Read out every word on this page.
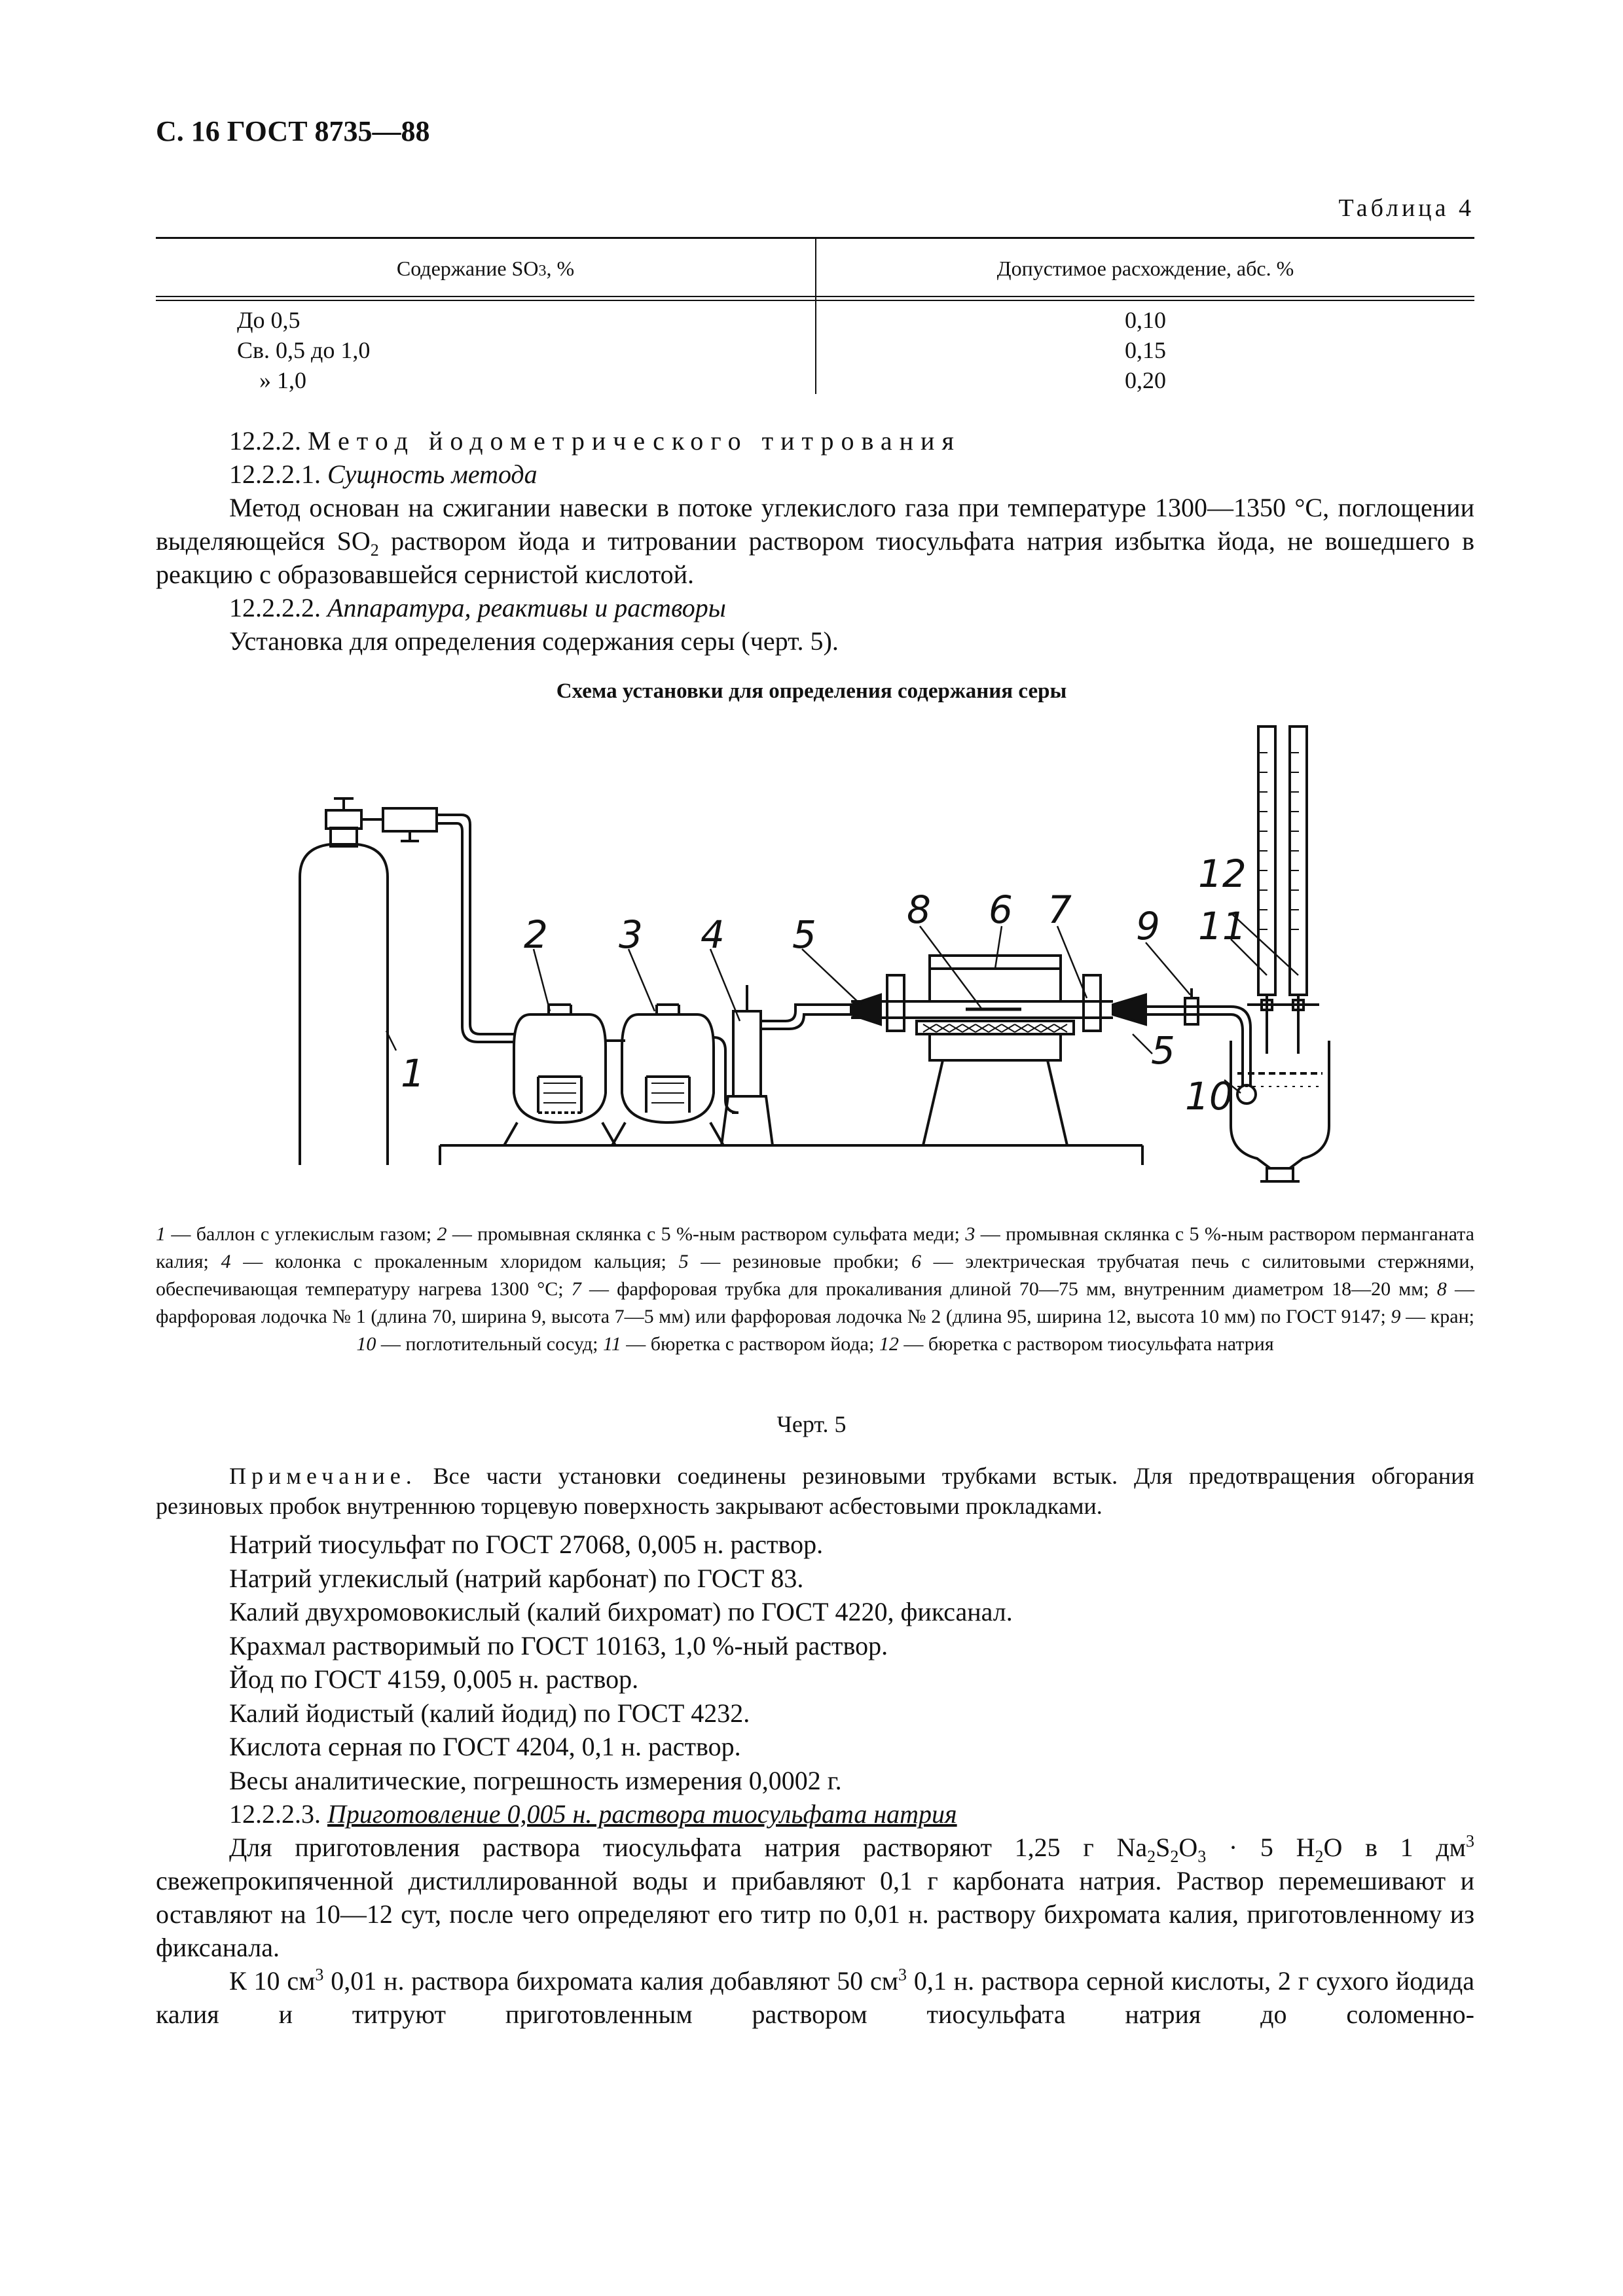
С. 16 ГОСТ 8735—88
Таблица 4
Содержание SO3, %	Допустимое расхождение, абс. %
До 0,5
Св. 0,5 до 1,0
» 1,0
0,10
0,15
0,20
12.2.2. Метод йодометрического титрования
12.2.2.1. Сущность метода
Метод основан на сжигании навески в потоке углекислого газа при температуре 1300—1350 °С, поглощении выделяющейся $SO_2$ раствором йода и титровании раствором тиосульфата натрия избытка йода, не вошедшего в реакцию с образовавшейся сернистой кислотой.
12.2.2.2. Аппаратура, реактивы и растворы
Установка для определения содержания серы (черт. 5).
Схема установки для определения содержания серы
1
2 3 4 5
6 7
8	9
10
11
12
5
1 — баллон с углекислым газом; 2 — промывная склянка с 5 %-ным раствором сульфата меди; 3 — промывная склянка с 5 %-ным раствором перманганата калия; 4 — колонка с прокаленным хлоридом кальция; 5 — резиновые пробки; 6 — электрическая трубчатая печь с силитовыми стержнями, обеспечивающая температуру нагрева 1300 °С; 7 — фарфоровая трубка для прокаливания длиной 70—75 мм, внутренним диаметром 18—20 мм; 8 — фарфоровая лодочка № 1 (длина 70, ширина 9, высота 7—5 мм) или фарфоровая лодочка № 2 (длина 95, ширина 12, высота 10 мм) по ГОСТ 9147; 9 — кран; 10 — поглотительный сосуд; 11 — бюретка с раствором йода; 12 — бюретка с раствором тиосульфата натрия
Черт. 5
Примечание. Все части установки соединены резиновыми трубками встык. Для предотвращения обгорания резиновых пробок внутреннюю торцевую поверхность закрывают асбестовыми прокладками.
Натрий тиосульфат по ГОСТ 27068, 0,005 н. раствор.
Натрий углекислый (натрий карбонат) по ГОСТ 83.
Калий двухромовокислый (калий бихромат) по ГОСТ 4220, фиксанал.
Крахмал растворимый по ГОСТ 10163, 1,0 %-ный раствор.
Йод по ГОСТ 4159, 0,005 н. раствор.
Калий йодистый (калий йодид) по ГОСТ 4232.
Кислота серная по ГОСТ 4204, 0,1 н. раствор.
Весы аналитические, погрешность измерения 0,0002 г.
12.2.2.3. Приготовление 0,005 н. раствора тиосульфата натрия
Для приготовления раствора тиосульфата натрия растворяют 1,25 г $Na_2S_2O_3 \cdot 5$ $H_2O$ в 1 $дм^3$ свежепрокипяченной дистиллированной воды и прибавляют 0,1 г карбоната натрия. Раствор перемешивают и оставляют на 10—12 сут, после чего определяют его титр по 0,01 н. раствору бихромата калия, приготовленному из фиксанала.
К 10 $см^3$ 0,01 н. раствора бихромата калия добавляют 50 $см^3$ 0,1 н. раствора серной кислоты, 2 г сухого йодида калия и титруют приготовленным раствором тиосульфата натрия до соломенно-
